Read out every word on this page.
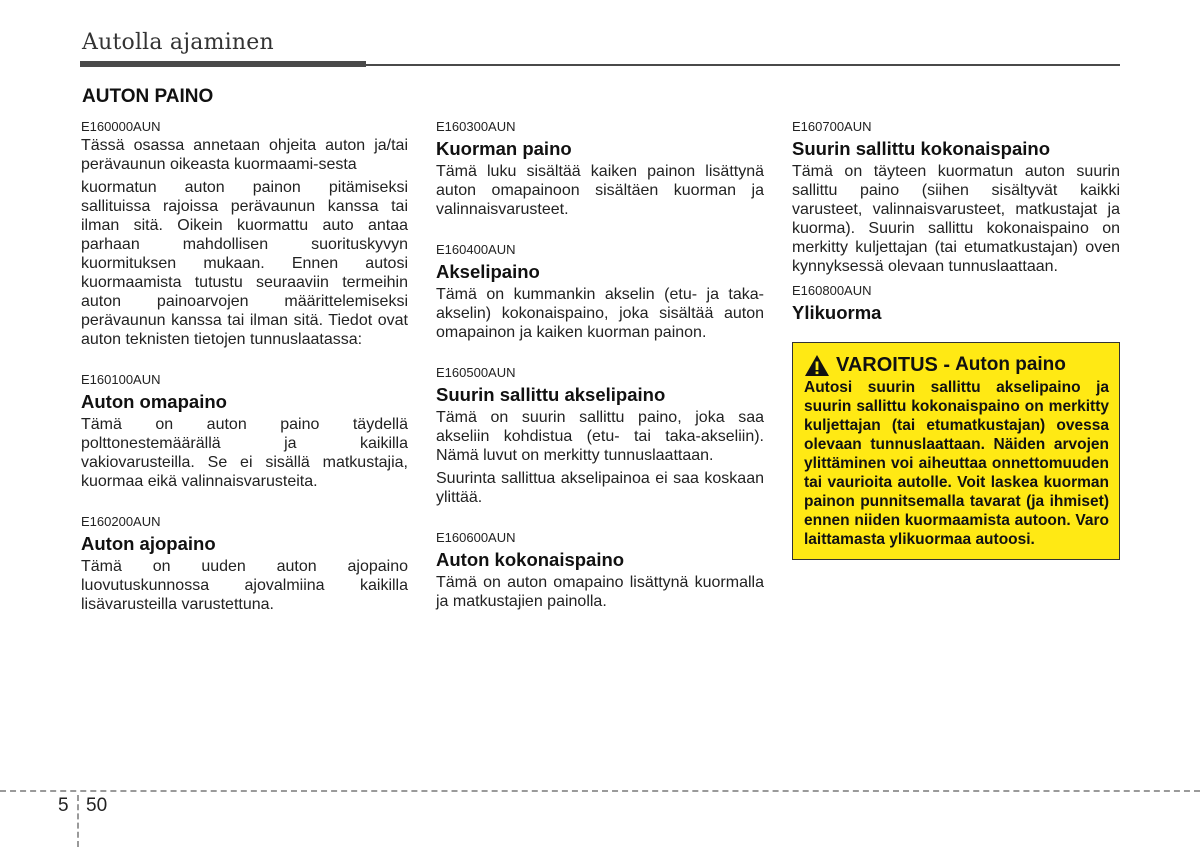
Autolla ajaminen
AUTON PAINO
E160000AUN
Tässä osassa annetaan ohjeita auton ja/tai perävaunun oikeasta kuormaami-sesta
kuormatun auton painon pitämiseksi sallituissa rajoissa perävaunun kanssa tai ilman sitä. Oikein kuormattu auto antaa parhaan mahdollisen suorituskyvyn kuormituksen mukaan. Ennen autosi kuormaamista tutustu seuraaviin termeihin auton painoarvojen määrittelemiseksi perävaunun kanssa tai ilman sitä. Tiedot ovat auton teknisten tietojen tunnuslaatassa:
E160100AUN
Auton omapaino
Tämä on auton paino täydellä polttonestemäärällä ja kaikilla vakiovarusteilla. Se ei sisällä matkustajia, kuormaa eikä valinnaisvarusteita.
E160200AUN
Auton ajopaino
Tämä on uuden auton ajopaino luovutuskunnossa ajovalmiina kaikilla lisävarusteilla varustettuna.
E160300AUN
Kuorman paino
Tämä luku sisältää kaiken painon lisättynä auton omapainoon sisältäen kuorman ja valinnaisvarusteet.
E160400AUN
Akselipaino
Tämä on kummankin akselin (etu- ja taka-akselin) kokonaispaino, joka sisältää auton omapainon ja kaiken kuorman painon.
E160500AUN
Suurin sallittu akselipaino
Tämä on suurin sallittu paino, joka saa akseliin kohdistua (etu- tai taka-akseliin). Nämä luvut on merkitty tunnuslaattaan.
Suurinta sallittua akselipainoa ei saa koskaan ylittää.
E160600AUN
Auton kokonaispaino
Tämä on auton omapaino lisättynä kuormalla ja matkustajien painolla.
E160700AUN
Suurin sallittu kokonaispaino
Tämä on täyteen kuormatun auton suurin sallittu paino (siihen sisältyvät kaikki varusteet, valinnaisvarusteet, matkustajat ja kuorma). Suurin sallittu kokonaispaino on merkitty kuljettajan (tai etumatkustajan) oven kynnyksessä olevaan tunnuslaattaan.
E160800AUN
Ylikuorma
VAROITUS - Auton paino
Autosi suurin sallittu akselipaino ja suurin sallittu kokonaispaino on merkitty kuljettajan (tai etumatkustajan) ovessa olevaan tunnuslaattaan. Näiden arvojen ylittäminen voi aiheuttaa onnettomuuden tai vaurioita autolle. Voit laskea kuorman painon punnitsemalla tavarat (ja ihmiset) ennen niiden kuormaamista autoon. Varo laittamasta ylikuormaa autoosi.
5 50
